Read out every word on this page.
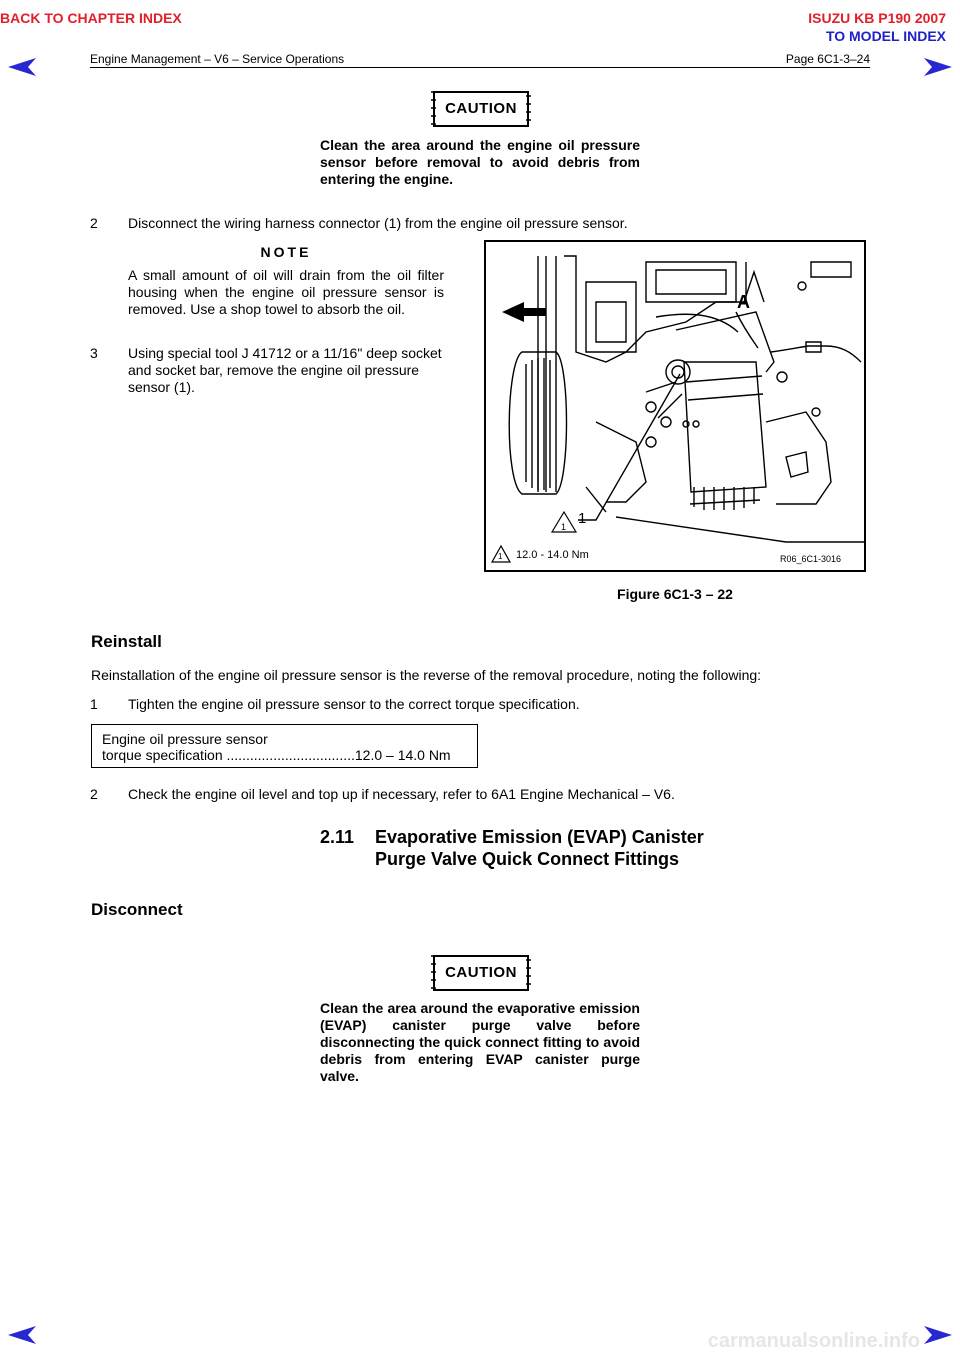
BACK TO CHAPTER INDEX	ISUZU KB P190 2007
TO MODEL INDEX
Engine Management – V6 – Service Operations	Page 6C1-3–24
CAUTION
Clean the area around the engine oil pressure sensor before removal to avoid debris from entering the engine.
2 Disconnect the wiring harness connector (1) from the engine oil pressure sensor.
NOTE
A small amount of oil will drain from the oil filter housing when the engine oil pressure sensor is removed. Use a shop towel to absorb the oil.
3 Using special tool J 41712 or a 11/16" deep socket and socket bar, remove the engine oil pressure sensor (1).
A
1 1
1 12.0 - 14.0 Nm	R06_6C1-3016
Figure 6C1-3 – 22
Reinstall
Reinstallation of the engine oil pressure sensor is the reverse of the removal procedure, noting the following:
1 Tighten the engine oil pressure sensor to the correct torque specification.
Engine oil pressure sensor
torque specification .................................12.0 – 14.0 Nm
2 Check the engine oil level and top up if necessary, refer to 6A1 Engine Mechanical – V6.
2.11 Evaporative Emission (EVAP) Canister
Purge Valve Quick Connect Fittings
Disconnect
CAUTION
Clean the area around the evaporative emission (EVAP) canister purge valve before disconnecting the quick connect fitting to avoid debris from entering EVAP canister purge valve.
carmanualsonline.info
